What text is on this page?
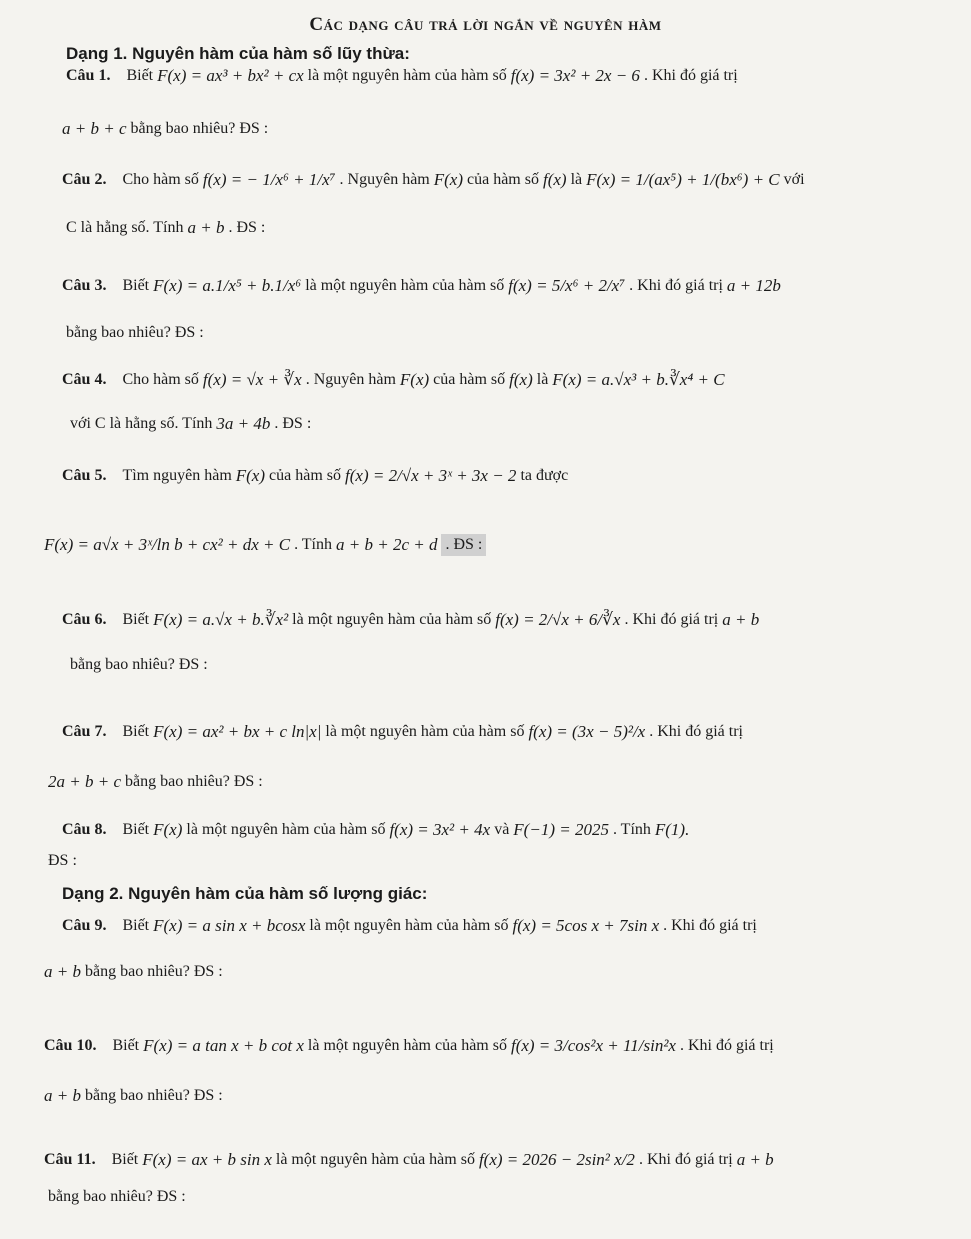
Các dạng câu trả lời ngắn về nguyên hàm
Dạng 1. Nguyên hàm của hàm số lũy thừa:
Câu 1. Biết F(x) = ax³ + bx² + cx là một nguyên hàm của hàm số f(x) = 3x² + 2x − 6 . Khi đó giá trị
a + b + c bằng bao nhiêu? ĐS :
Câu 2. Cho hàm số f(x) = − 1/x⁶ + 1/x⁷ . Nguyên hàm F(x) của hàm số f(x) là F(x) = 1/(ax⁵) + 1/(bx⁶) + C với
C là hằng số. Tính a + b . ĐS :
Câu 3. Biết F(x) = a.1/x⁵ + b.1/x⁶ là một nguyên hàm của hàm số f(x) = 5/x⁶ + 2/x⁷ . Khi đó giá trị a + 12b
bằng bao nhiêu? ĐS :
Câu 4. Cho hàm số f(x) = √x + ∛x . Nguyên hàm F(x) của hàm số f(x) là F(x) = a.√x³ + b.∛x⁴ + C
với C là hằng số. Tính 3a + 4b . ĐS :
Câu 5. Tìm nguyên hàm F(x) của hàm số f(x) = 2/√x + 3ˣ + 3x − 2 ta được
F(x) = a√x + 3ˣ/ln b + cx² + dx + C . Tính a + b + 2c + d . ĐS :
Câu 6. Biết F(x) = a.√x + b.∛x² là một nguyên hàm của hàm số f(x) = 2/√x + 6/∛x . Khi đó giá trị a + b
bằng bao nhiêu? ĐS :
Câu 7. Biết F(x) = ax² + bx + c ln|x| là một nguyên hàm của hàm số f(x) = (3x − 5)²/x . Khi đó giá trị
2a + b + c bằng bao nhiêu? ĐS :
Câu 8. Biết F(x) là một nguyên hàm của hàm số f(x) = 3x² + 4x và F(−1) = 2025 . Tính F(1).
ĐS :
Dạng 2. Nguyên hàm của hàm số lượng giác:
Câu 9. Biết F(x) = a sin x + bcosx là một nguyên hàm của hàm số f(x) = 5cos x + 7sin x . Khi đó giá trị
a + b bằng bao nhiêu? ĐS :
Câu 10. Biết F(x) = a tan x + b cot x là một nguyên hàm của hàm số f(x) = 3/cos²x + 11/sin²x . Khi đó giá trị
a + b bằng bao nhiêu? ĐS :
Câu 11. Biết F(x) = ax + b sin x là một nguyên hàm của hàm số f(x) = 2026 − 2sin² x/2 . Khi đó giá trị a + b
bằng bao nhiêu? ĐS :
